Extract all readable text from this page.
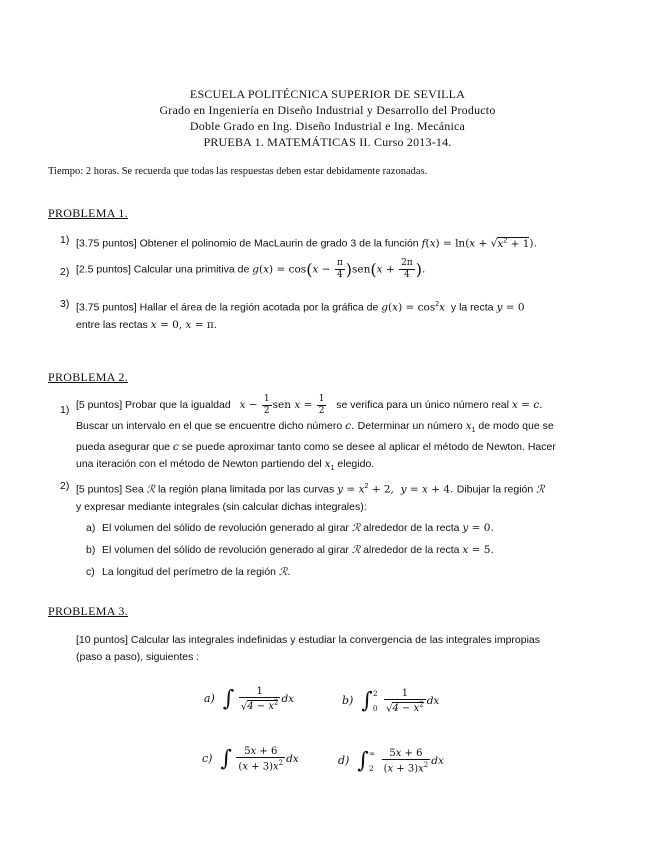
ESCUELA POLITÉCNICA SUPERIOR DE SEVILLA
Grado en Ingeniería en Diseño Industrial y Desarrollo del Producto
Doble Grado en Ing. Diseño Industrial e Ing. Mecánica
PRUEBA 1. MATEMÁTICAS II. Curso 2013-14.
Tiempo: 2 horas. Se recuerda que todas las respuestas deben estar debidamente razonadas.
PROBLEMA 1.
1) [3.75 puntos] Obtener el polinomio de MacLaurin de grado 3 de la función $f(x) = \ln(x + √x^2 + 1)$.
2) [2.5 puntos] Calcular una primitiva de $g(x) = \cos(x - \frac{\pi}{4} )sen(x + \frac{2\pi}{4}$ ).
3) [3.75 puntos] Hallar el área de la región acotada por la gráfica de $g(x) = \cos^2x$ y la recta y = 0
entre las rectas x = 0, x = π.
PROBLEMA 2.
1) [5 puntos] Probar que la igualdad $x - \frac{1}{2}$ sen $x = \frac{1}{2}$ se verifica para un único número real x = c.
Buscar un intervalo en el que se encuentre dicho número c. Determinar un número $x_1$ de modo que se
pueda asegurar que c se puede aproximar tanto como se desee al aplicar el método de Newton. Hacer
una iteración con el método de Newton partiendo del $x_1$ elegido.
2) [5 puntos] Sea ℛ la región plana limitada por las curvas $y = x^2 + 2$,  y = x + 4. Dibujar la región ℛ
y expresar mediante integrales (sin calcular dichas integrales):
a) El volumen del sólido de revolución generado al girar ℛ alrededor de la recta y = 0.
b) El volumen del sólido de revolución generado al girar ℛ alrededor de la recta x = 5.
c) La longitud del perímetro de la región ℛ.
PROBLEMA 3.
[10 puntos] Calcular las integrales indefinidas y estudiar la convergencia de las integrales impropias
(paso a paso), siguientes :
a) ∫ $\frac{1}{√4 - x^2}$ dx	b) ∫2
$0 \frac{1}{√4 - x^2}$ dx
c) ∫ $\frac{5x + 6}{(x + 3)x^2}$ dx	d) ∫∞
$2 \frac{5x + 6}{(x + 3)x^2}$ dx
